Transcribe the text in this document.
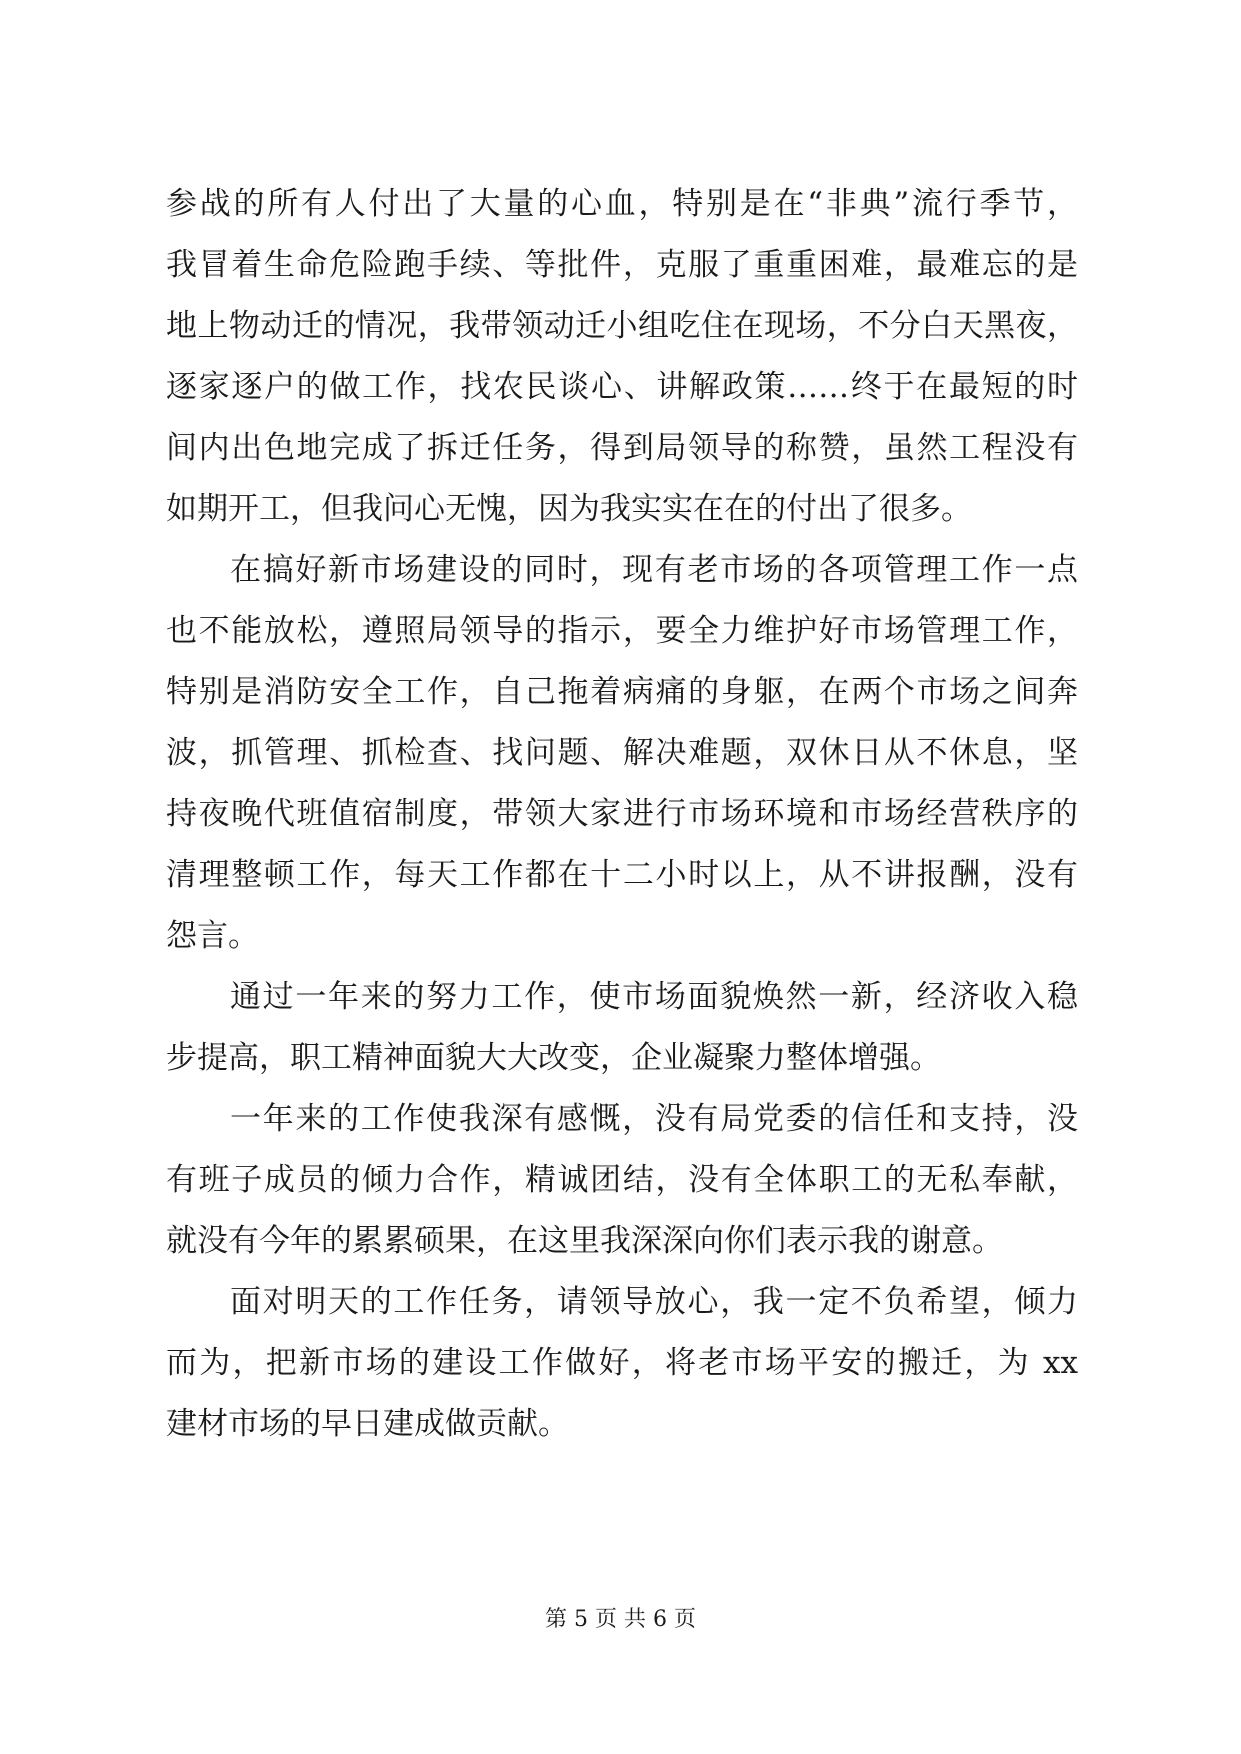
参战的所有人付出了大量的心血，特别是在“非典”流行季节，
我冒着生命危险跑手续、等批件，克服了重重困难，最难忘的是
地上物动迁的情况，我带领动迁小组吃住在现场，不分白天黑夜，
逐家逐户的做工作，找农民谈心、讲解政策……终于在最短的时
间内出色地完成了拆迁任务，得到局领导的称赞，虽然工程没有
如期开工，但我问心无愧，因为我实实在在的付出了很多。
在搞好新市场建设的同时，现有老市场的各项管理工作一点
也不能放松，遵照局领导的指示，要全力维护好市场管理工作，
特别是消防安全工作，自己拖着病痛的身躯，在两个市场之间奔
波，抓管理、抓检查、找问题、解决难题，双休日从不休息，坚
持夜晚代班值宿制度，带领大家进行市场环境和市场经营秩序的
清理整顿工作，每天工作都在十二小时以上，从不讲报酬，没有
怨言。
通过一年来的努力工作，使市场面貌焕然一新，经济收入稳
步提高，职工精神面貌大大改变，企业凝聚力整体增强。
一年来的工作使我深有感慨，没有局党委的信任和支持，没
有班子成员的倾力合作，精诚团结，没有全体职工的无私奉献，
就没有今年的累累硕果，在这里我深深向你们表示我的谢意。
面对明天的工作任务，请领导放心，我一定不负希望，倾力
而为，把新市场的建设工作做好，将老市场平安的搬迁，为 xx
建材市场的早日建成做贡献。
第 5 页 共 6 页
